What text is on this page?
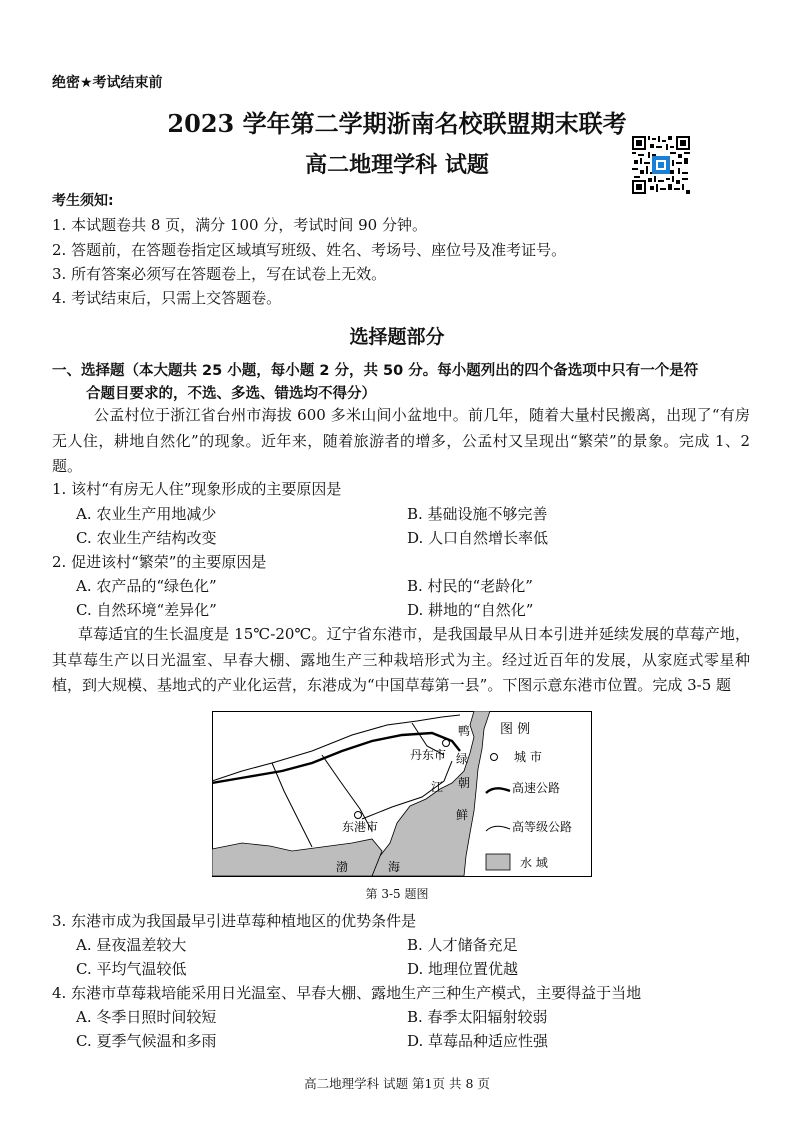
绝密★考试结束前
2023 学年第二学期浙南名校联盟期末联考
高二地理学科 试题
考生须知:
1. 本试题卷共 8 页，满分 100 分，考试时间 90 分钟。
2. 答题前，在答题卷指定区域填写班级、姓名、考场号、座位号及准考证号。
3. 所有答案必须写在答题卷上，写在试卷上无效。
4. 考试结束后，只需上交答题卷。
选择题部分
一、选择题（本大题共 25 小题，每小题 2 分，共 50 分。每小题列出的四个备选项中只有一个是符
合题目要求的，不选、多选、错选均不得分）
公孟村位于浙江省台州市海拔 600 多米山间小盆地中。前几年，随着大量村民搬离，出现了“有房无人住，耕地自然化”的现象。近年来，随着旅游者的增多，公孟村又呈现出“繁荣”的景象。完成 1、2 题。
1. 该村“有房无人住”现象形成的主要原因是
A. 农业生产用地减少	B. 基础设施不够完善
C. 农业生产结构改变	D. 人口自然增长率低
2. 促进该村“繁荣”的主要原因是
A. 农产品的“绿色化”	B. 村民的“老龄化”
C. 自然环境“差异化”	D. 耕地的“自然化”
草莓适宜的生长温度是 15℃-20℃。辽宁省东港市，是我国最早从日本引进并延续发展的草莓产地，其草莓生产以日光温室、早春大棚、露地生产三种栽培形式为主。经过近百年的发展，从家庭式零星种植，到大规模、基地式的产业化运营，东港成为“中国草莓第一县”。下图示意东港市位置。完成 3-5 题
丹东市
东港市
鸭
绿
江 朝
鲜
渤	海
图 例
城 市
高速公路
高等级公路
水 域
第 3-5 题图
3. 东港市成为我国最早引进草莓种植地区的优势条件是
A. 昼夜温差较大	B. 人才储备充足
C. 平均气温较低	D. 地理位置优越
4. 东港市草莓栽培能采用日光温室、早春大棚、露地生产三种生产模式，主要得益于当地
A. 冬季日照时间较短	B. 春季太阳辐射较弱
C. 夏季气候温和多雨	D. 草莓品种适应性强
高二地理学科 试题 第1页 共 8 页
